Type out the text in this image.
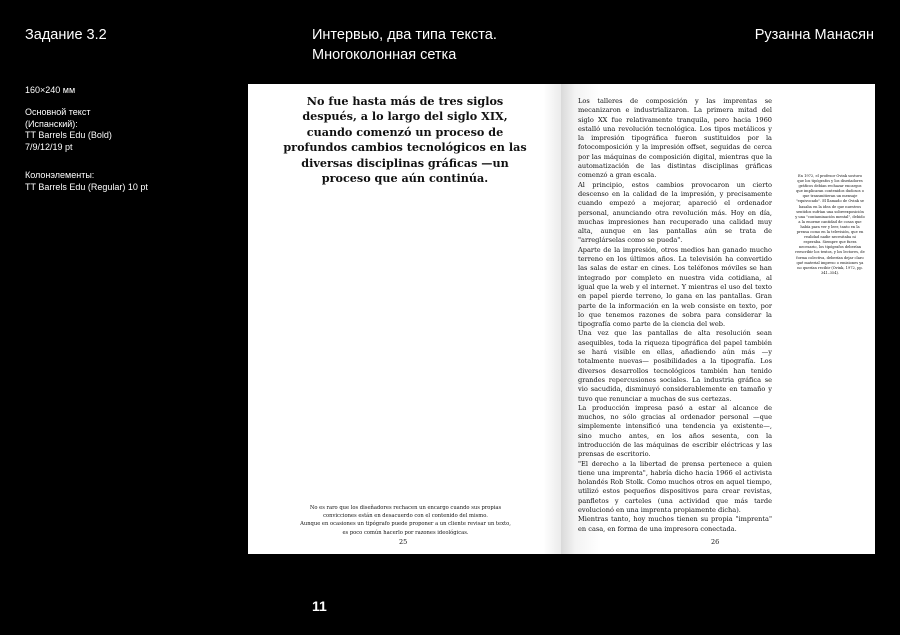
Задание 3.2	Интервью, два типа текста.
Многоколонная сетка
Рузанна Манасян
160×240 мм
Основной текст
(Испанский):
TT Barrels Edu (Bold)
7/9/12/19 pt
Колонэлементы:
TT Barrels Edu (Regular) 10 pt
No fue hasta más de tres siglos después, a lo largo del siglo XIX, cuando comenzó un proceso de profundos cambios tecnológicos en las diversas disciplinas gráficas —un proceso que aún continúa.
No es raro que los diseñadores rechacen un encargo cuando sus propias convicciones están en desacuerdo con el contenido del mismo.
Aunque en ocasiones un tipógrafo puede proponer a un cliente revisar un texto, es poco común hacerlo por razones ideológicas.
25

Los talleres de composición y las imprentas se mecanizaron e industrializaron. La primera mitad del siglo XX fue relativamente tranquila, pero hacia 1960 estalló una revolución tecnológica. Los tipos metálicos y la impresión tipográfica fueron sustituidos por la fotocomposición y la impresión offset, seguidas de cerca por las máquinas de composición digital, mientras que la automatización de las distintas disciplinas gráficas comenzó a gran escala.

Al principio, estos cambios provocaron un cierto descenso en la calidad de la impresión, y precisamente cuando empezó a mejorar, apareció el ordenador personal, anunciando otra revolución más. Hoy en día, muchas impresiones han recuperado una calidad muy alta, aunque en las pantallas aún se trata de "arreglárselas como se pueda".

Aparte de la impresión, otros medios han ganado mucho terreno en los últimos años. La televisión ha convertido las salas de estar en cines. Los teléfonos móviles se han integrado por completo en nuestra vida cotidiana, al igual que la web y el internet. Y mientras el uso del texto en papel pierde terreno, lo gana en las pantallas. Gran parte de la información en la web consiste en texto, por lo que tenemos razones de sobra para considerar la tipografía como parte de la ciencia del web.

Una vez que las pantallas de alta resolución sean asequibles, toda la riqueza tipográfica del papel también se hará visible en ellas, añadiendo aún más —y totalmente nuevas— posibilidades a la tipografía. Los diversos desarrollos tecnológicos también han tenido grandes repercusiones sociales. La industria gráfica se vio sacudida, disminuyó considerablemente en tamaño y tuvo que renunciar a muchas de sus certezas.

La producción impresa pasó a estar al alcance de muchos, no sólo gracias al ordenador personal —que simplemente intensificó una tendencia ya existente—, sino mucho antes, en los años sesenta, con la introducción de las máquinas de escribir eléctricas y las prensas de escritorio.

"El derecho a la libertad de prensa pertenece a quien tiene una imprenta", habría dicho hacia 1966 el activista holandés Rob Stolk. Como muchos otros en aquel tiempo, utilizó estos pequeños dispositivos para crear revistas, panfletos y carteles (una actividad que más tarde evolucionó en una imprenta propiamente dicha).

Mientras tanto, hoy muchos tienen su propia "imprenta" en casa, en forma de una impresora conectada.

En 1972, el profesor Ovink sostuvo que los tipógrafos y los diseñadores gráficos debían rechazar encargos que implicaran contenidos dudosos o que transmitieran un mensaje "equivocado". El llamado de Ovink se basaba en la idea de que nuestros sentidos sufrían una sobreexposición y una "contaminación mental", debido a la enorme cantidad de cosas que había para ver y leer, tanto en la prensa como en la televisión, que en realidad nadie necesitaba ni esperaba. Siempre que fuera necesario, los tipógrafos deberían reescribir los textos, y los lectores, de forma colectiva, deberían dejar claro qué material impreso o emisiones ya no querían recibir (Ovink, 1972, pp. 341–354).
26
11
